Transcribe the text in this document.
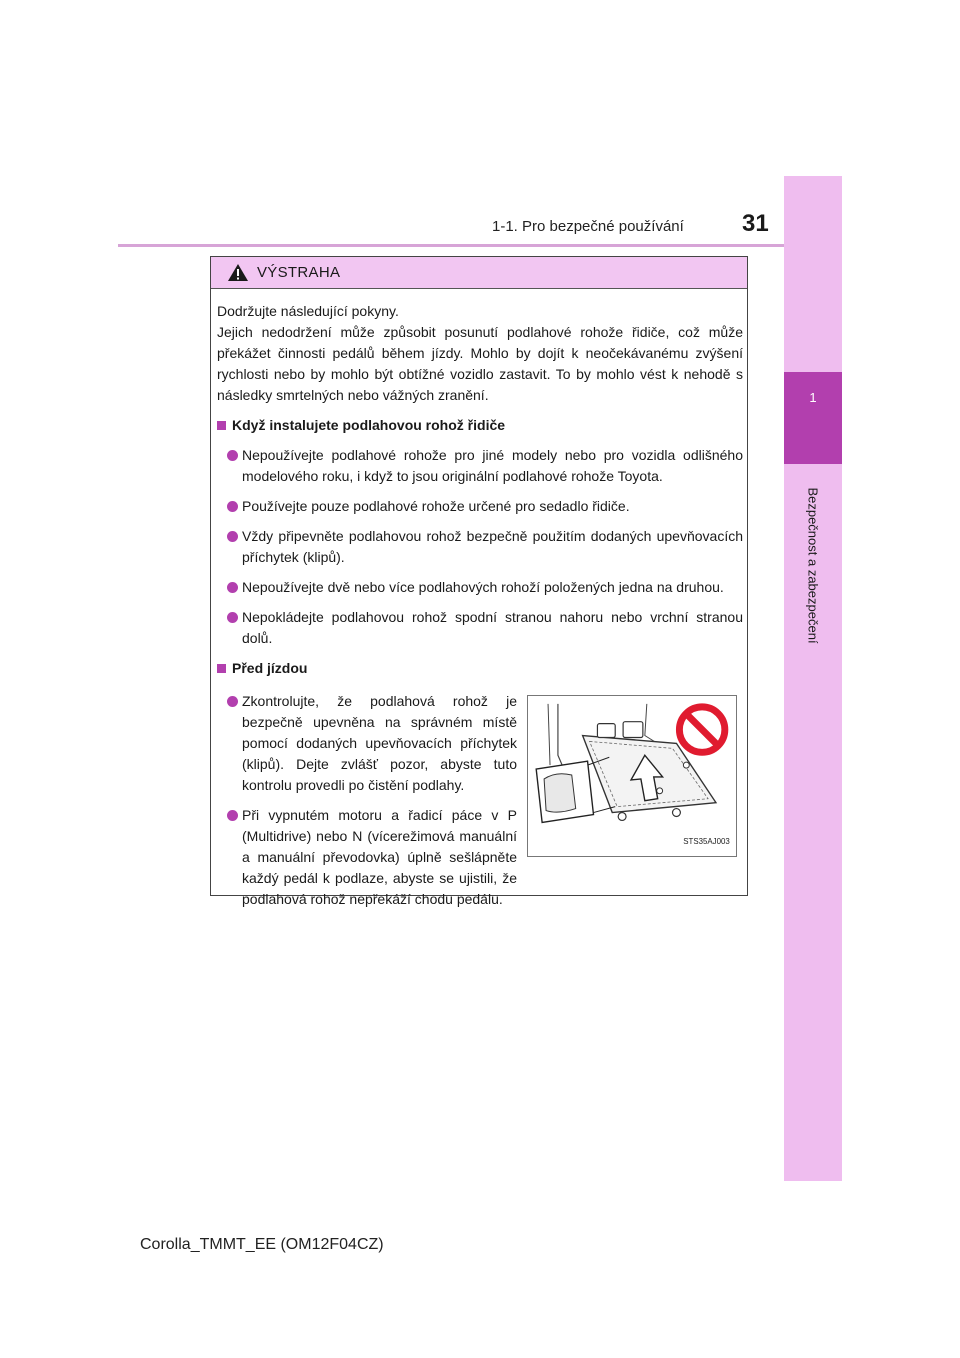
1
Bezpečnost a zabezpečení
1-1. Pro bezpečné používání 31
VÝSTRAHA

Dodržujte následující pokyny.

Jejich nedodržení může způsobit posunutí podlahové rohože řidiče, což může překážet činnosti pedálů během jízdy. Mohlo by dojít k neočekávanému zvýšení rychlosti nebo by mohlo být obtížné vozidlo zastavit. To by mohlo vést k nehodě s následky smrtelných nebo vážných zranění.

Když instalujete podlahovou rohož řidiče
Nepoužívejte podlahové rohože pro jiné modely nebo pro vozidla odlišného modelového roku, i když to jsou originální podlahové rohože Toyota.
Používejte pouze podlahové rohože určené pro sedadlo řidiče.
Vždy připevněte podlahovou rohož bezpečně použitím dodaných upevňovacích příchytek (klipů).
Nepoužívejte dvě nebo více podlahových rohoží položených jedna na druhou.
Nepokládejte podlahovou rohož spodní stranou nahoru nebo vrchní stranou dolů.
Před jízdou
Zkontrolujte, že podlahová rohož je bezpečně upevněna na správném místě pomocí dodaných upevňovacích příchytek (klipů). Dejte zvlášť pozor, abyste tuto kontrolu provedli po čistění podlahy.
Při vypnutém motoru a řadicí páce v P (Multidrive) nebo N (vícerežimová manuální a manuální převodovka) úplně sešlápněte každý pedál k podlaze, abyste se ujistili, že podlahová rohož nepřekáží chodu pedálu.
STS35AJ003
Corolla_TMMT_EE (OM12F04CZ)
